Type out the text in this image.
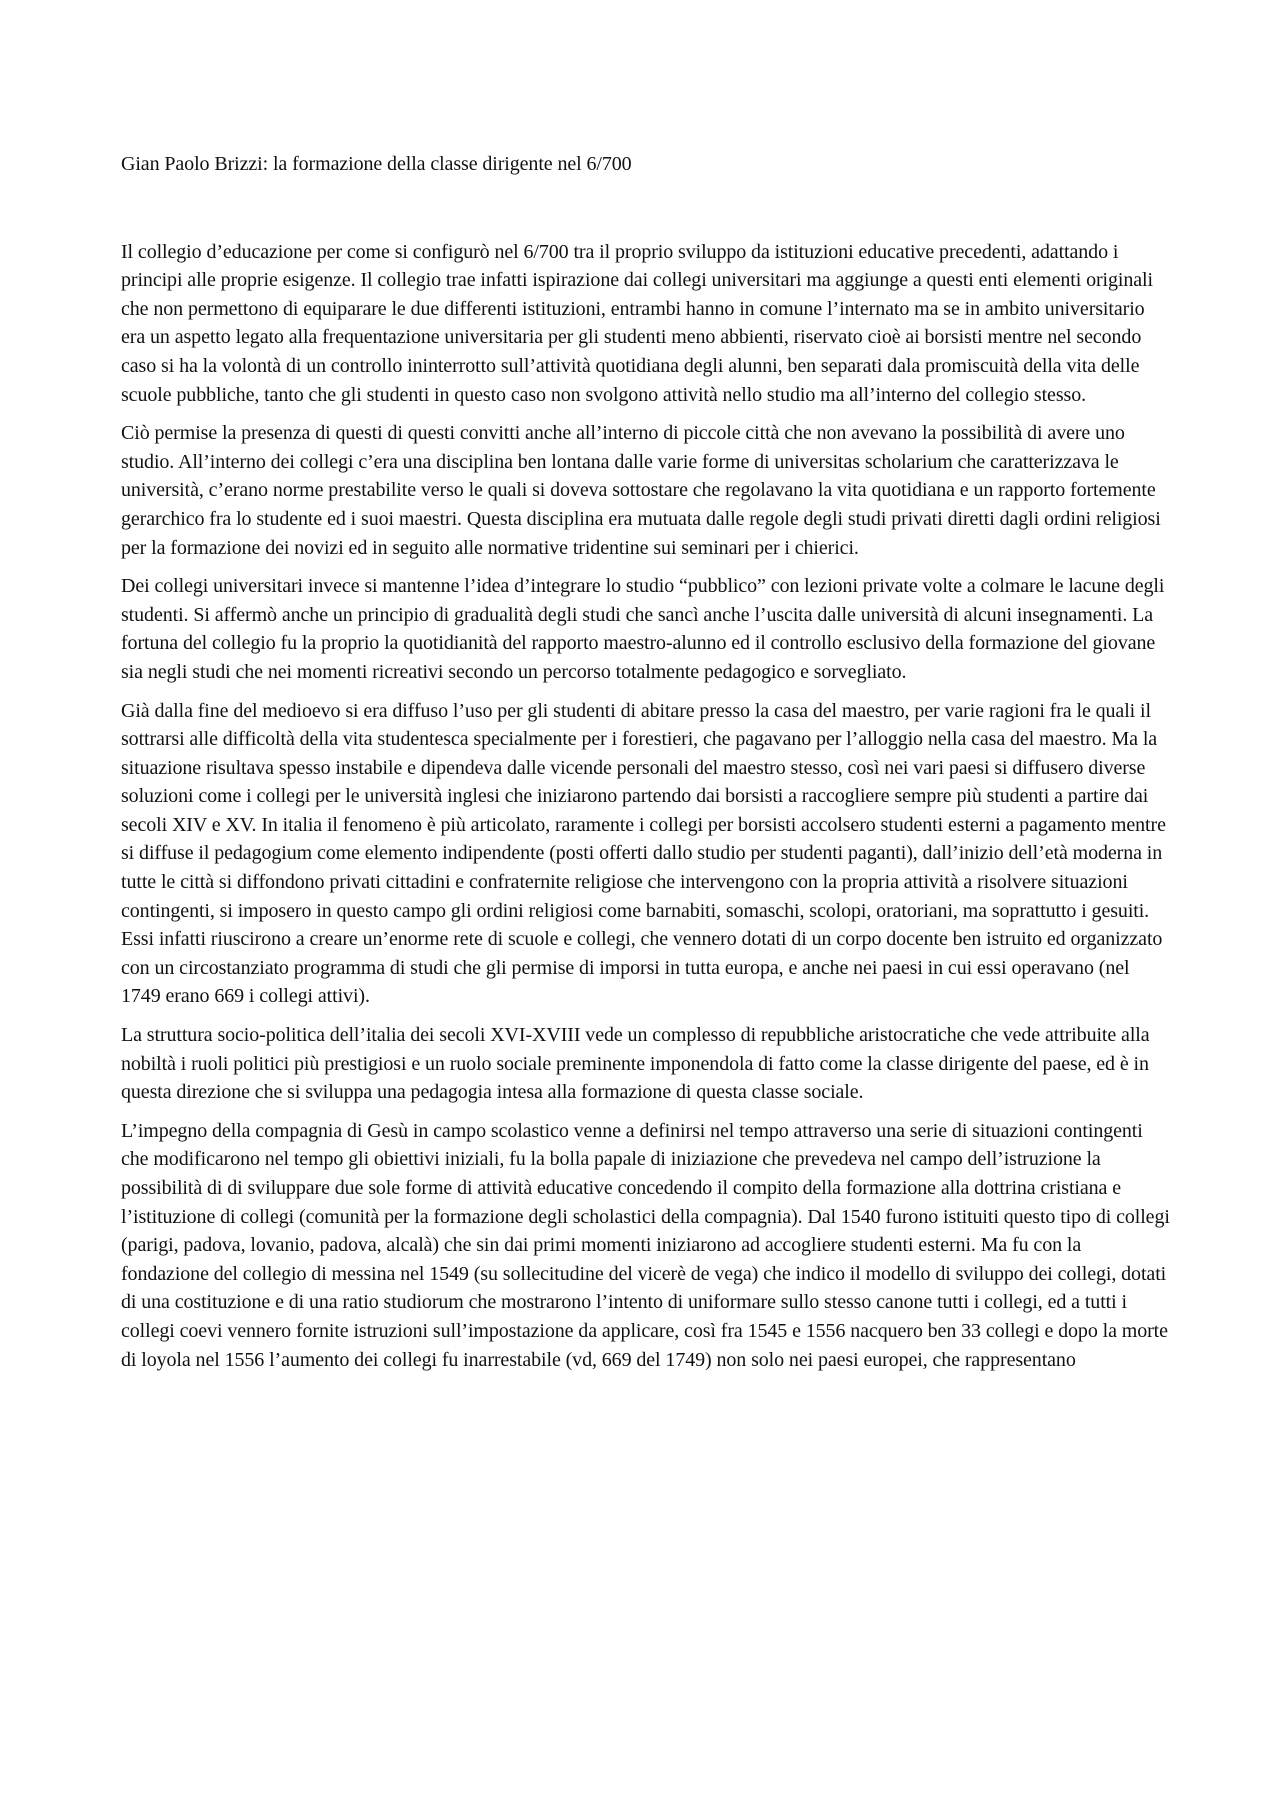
Gian Paolo Brizzi: la formazione della classe dirigente nel 6/700

Il collegio d’educazione per come si configurò nel 6/700 tra il proprio sviluppo da istituzioni educative precedenti, adattando i principi alle proprie esigenze. Il collegio trae infatti ispirazione dai collegi universitari ma aggiunge a questi enti elementi originali che non permettono di equiparare le due differenti istituzioni, entrambi hanno in comune l’internato ma se in ambito universitario era un aspetto legato alla frequentazione universitaria per gli studenti meno abbienti, riservato cioè ai borsisti mentre nel secondo caso si ha la volontà di un controllo ininterrotto sull’attività quotidiana degli alunni, ben separati dala promiscuità della vita delle scuole pubbliche, tanto che gli studenti in questo caso non svolgono attività nello studio ma all’interno del collegio stesso.

Ciò permise la presenza di questi di questi convitti anche all’interno di piccole città che non avevano la possibilità di avere uno studio. All’interno dei collegi c’era una disciplina ben lontana dalle varie forme di universitas scholarium che caratterizzava le università, c’erano norme prestabilite verso le quali si doveva sottostare che regolavano la vita quotidiana e un rapporto fortemente gerarchico fra lo studente ed i suoi maestri. Questa disciplina era mutuata dalle regole degli studi privati diretti dagli ordini religiosi per la formazione dei novizi ed in seguito alle normative tridentine sui seminari per i chierici.

Dei collegi universitari invece si mantenne l’idea d’integrare lo studio “pubblico” con lezioni private volte a colmare le lacune degli studenti. Si affermò anche un principio di gradualità degli studi che sancì anche l’uscita dalle università di alcuni insegnamenti. La fortuna del collegio fu la proprio la quotidianità del rapporto maestro-alunno ed il controllo esclusivo della formazione del giovane sia negli studi che nei momenti ricreativi secondo un percorso totalmente pedagogico e sorvegliato.

Già dalla fine del medioevo si era diffuso l’uso per gli studenti di abitare presso la casa del maestro, per varie ragioni fra le quali il sottrarsi alle difficoltà della vita studentesca specialmente per i forestieri, che pagavano per l’alloggio nella casa del maestro. Ma la situazione risultava spesso instabile e dipendeva dalle vicende personali del maestro stesso, così nei vari paesi si diffusero diverse soluzioni come i collegi per le università inglesi che iniziarono partendo dai borsisti a raccogliere sempre più studenti a partire dai secoli XIV e XV. In italia il fenomeno è più articolato, raramente i collegi per borsisti accolsero studenti esterni a pagamento mentre si diffuse il pedagogium come elemento indipendente (posti offerti dallo studio per studenti paganti), dall’inizio dell’età moderna in tutte le città si diffondono privati cittadini e confraternite religiose che intervengono con la propria attività a risolvere situazioni contingenti, si imposero in questo campo gli ordini religiosi come barnabiti, somaschi, scolopi, oratoriani, ma soprattutto i gesuiti. Essi infatti riuscirono a creare un’enorme rete di scuole e collegi, che vennero dotati di un corpo docente ben istruito ed organizzato con un circostanziato programma di studi che gli permise di imporsi in tutta europa, e anche nei paesi in cui essi operavano (nel 1749 erano 669 i collegi attivi).

La struttura socio-politica dell’italia dei secoli XVI-XVIII vede un complesso di repubbliche aristocratiche che vede attribuite alla nobiltà i ruoli politici più prestigiosi e un ruolo sociale preminente imponendola di fatto come la classe dirigente del paese, ed è in questa direzione che si sviluppa una pedagogia intesa alla formazione di questa classe sociale.

L’impegno della compagnia di Gesù in campo scolastico venne a definirsi nel tempo attraverso una serie di situazioni contingenti che modificarono nel tempo gli obiettivi iniziali, fu la bolla papale di iniziazione che prevedeva nel campo dell’istruzione la possibilità di di sviluppare due sole forme di attività educative concedendo il compito della formazione alla dottrina cristiana e l’istituzione di collegi (comunità per la formazione degli scholastici della compagnia). Dal 1540 furono istituiti questo tipo di collegi (parigi, padova, lovanio, padova, alcalà) che sin dai primi momenti iniziarono ad accogliere studenti esterni. Ma fu con la fondazione del collegio di messina nel 1549 (su sollecitudine del vicerè de vega) che indico il modello di sviluppo dei collegi, dotati di una costituzione e di una ratio studiorum che mostrarono l’intento di uniformare sullo stesso canone tutti i collegi, ed a tutti i collegi coevi vennero fornite istruzioni sull’impostazione da applicare, così fra 1545 e 1556 nacquero ben 33 collegi e dopo la morte di loyola nel 1556 l’aumento dei collegi fu inarrestabile (vd, 669 del 1749) non solo nei paesi europei, che rappresentano
